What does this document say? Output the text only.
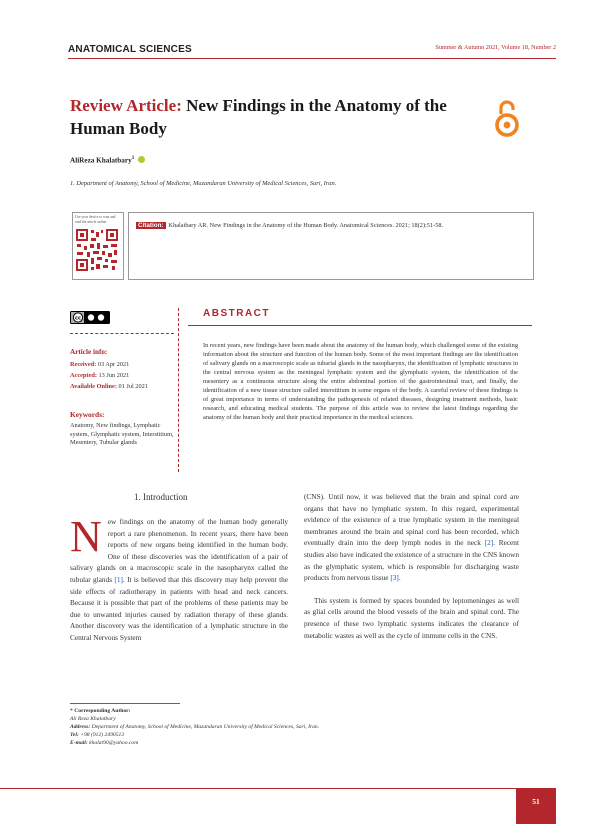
ANATOMICAL SCIENCES	Summer & Autumn 2021, Volume 18, Number 2
Review Article: New Findings in the Anatomy of the Human Body
AliReza Khalatbary$^1$
1. Department of Anatomy, School of Medicine, Mazandaran University of Medical Sciences, Sari, Iran.
Use your device to scan and read the article online
Citation: Khalatbary AR. New Findings in the Anatomy of the Human Body. Anatomical Sciences. 2021; 18(2):51-58.
cc
Article info:
Received: 03 Apr 2021
Accepted: 13 Jun 2021
Available Online: 01 Jul 2021
Keywords:
Anatomy, New findings, Lymphatic system, Glymphatic system, Interstitium, Mesentery, Tubular glands
ABSTRACT
In recent years, new findings have been made about the anatomy of the human body, which challenged some of the existing information about the structure and function of the human body. Some of the most important findings are the identification of salivary glands on a macroscopic scale as tubarial glands in the nasopharynx, the identification of lymphatic structures in the central nervous system as the meningeal lymphatic system and the glymphatic system, the identification of the mesentery as a continuous structure along the entire abdominal portion of the gastrointestinal tract, and finally, the identification of a new tissue structure called interstitium in some organs of the body. A careful review of these findings is of great importance in terms of understanding the pathogenesis of related diseases, designing treatment methods, basic research, and educating medical students. The purpose of this article was to review the latest findings regarding the anatomy of the human body and their practical importance in the medical sciences.
1. Introduction
New findings on the anatomy of the human body generally report a rare phenomenon. In recent years, there have been reports of new organs being identified in the human body. One of these discoveries was the identification of a pair of salivary glands on a macroscopic scale in the nasopharynx called the tubular glands [1]. It is believed that this discovery may help prevent the side effects of radiotherapy in patients with head and neck cancers. Because it is possible that part of the problems of these patients may be due to unwanted injuries caused by radiation therapy of these glands. Another discovery was the identification of a lymphatic structure in the Central Nervous System

(CNS). Until now, it was believed that the brain and spinal cord are organs that have no lymphatic system. In this regard, experimental evidence of the existence of a true lymphatic system in the meningeal membranes around the brain and spinal cord has been recorded, which eventually drain into the deep lymph nodes in the neck [2]. Recent studies also have indicated the existence of a structure in the CNS known as the glymphatic system, which is responsible for discharging waste products from nervous tissue [3].

This system is formed by spaces bounded by leptomeninges as well as glial cells around the blood vessels of the brain and spinal cord. The presence of these two lymphatic systems indicates the clearance of metabolic wastes as well as the cycle of immune cells in the CNS.

* Corresponding Author:
Ali Reza Khalatbary
Address: Department of Anatomy, School of Medicine, Mazandaran University of Medical Sciences, Sari, Iran.
Tel: +98 (912) 2490513
E-mail: khalat90@yahoo.com
51
